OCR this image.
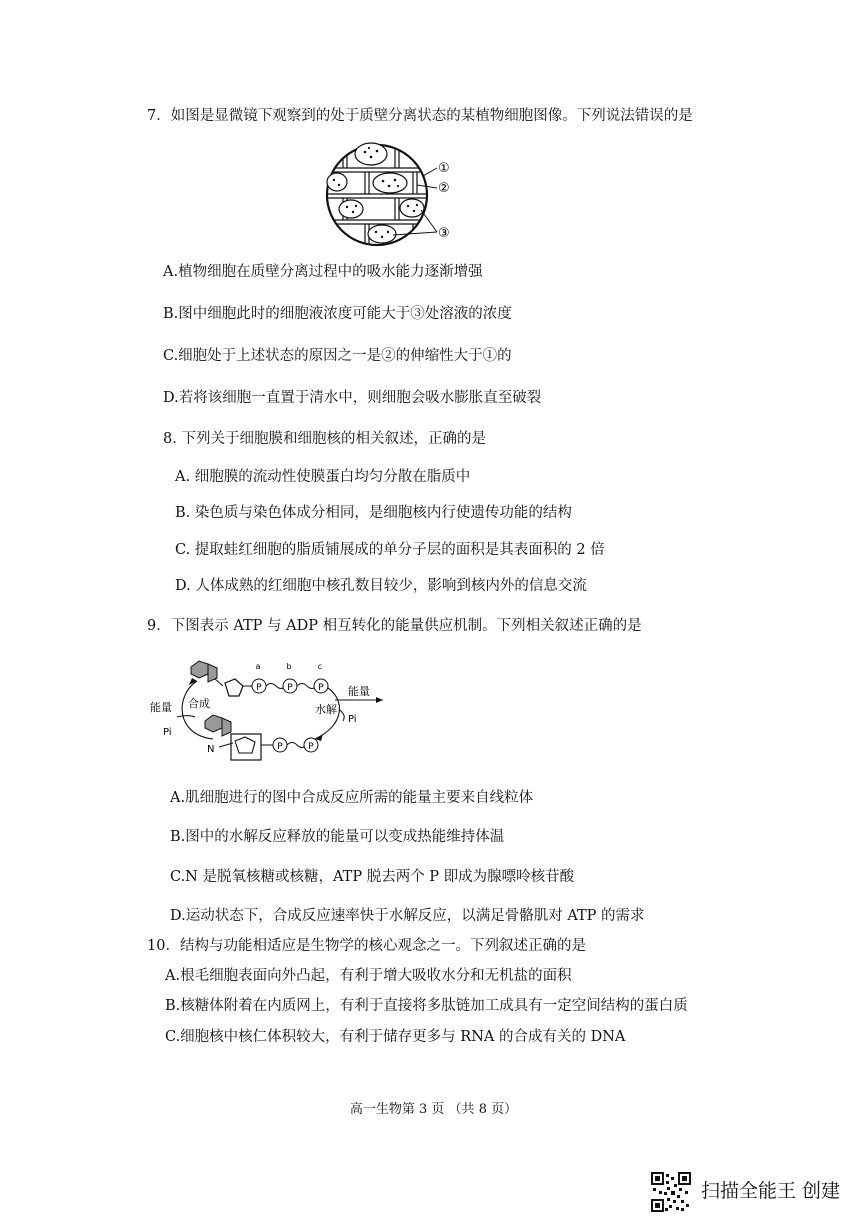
7．如图是显微镜下观察到的处于质壁分离状态的某植物细胞图像。下列说法错误的是
①
②
③
A.植物细胞在质壁分离过程中的吸水能力逐渐增强
B.图中细胞此时的细胞液浓度可能大于③处溶液的浓度
C.细胞处于上述状态的原因之一是②的伸缩性大于①的
D.若将该细胞一直置于清水中，则细胞会吸水膨胀直至破裂
8. 下列关于细胞膜和细胞核的相关叙述，正确的是
A. 细胞膜的流动性使膜蛋白均匀分散在脂质中
B. 染色质与染色体成分相同，是细胞核内行使遗传功能的结构
C. 提取蛙红细胞的脂质铺展成的单分子层的面积是其表面积的 2 倍
D. 人体成熟的红细胞中核孔数目较少，影响到核内外的信息交流
9．下图表示 ATP 与 ADP 相互转化的能量供应机制。下列相关叙述正确的是
P	P	P
a	b	c
能量
水解
Pi
能量 合成
Pi
P	P
N
A.肌细胞进行的图中合成反应所需的能量主要来自线粒体
B.图中的水解反应释放的能量可以变成热能维持体温
C.N 是脱氧核糖或核糖，ATP 脱去两个 P 即成为腺嘌呤核苷酸
D.运动状态下，合成反应速率快于水解反应，以满足骨骼肌对 ATP 的需求
10．结构与功能相适应是生物学的核心观念之一。下列叙述正确的是
A.根毛细胞表面向外凸起，有利于增大吸收水分和无机盐的面积
B.核糖体附着在内质网上，有利于直接将多肽链加工成具有一定空间结构的蛋白质
C.细胞核中核仁体积较大，有利于储存更多与 RNA 的合成有关的 DNA
高一生物第 3 页 （共 8 页）
扫描全能王 创建
